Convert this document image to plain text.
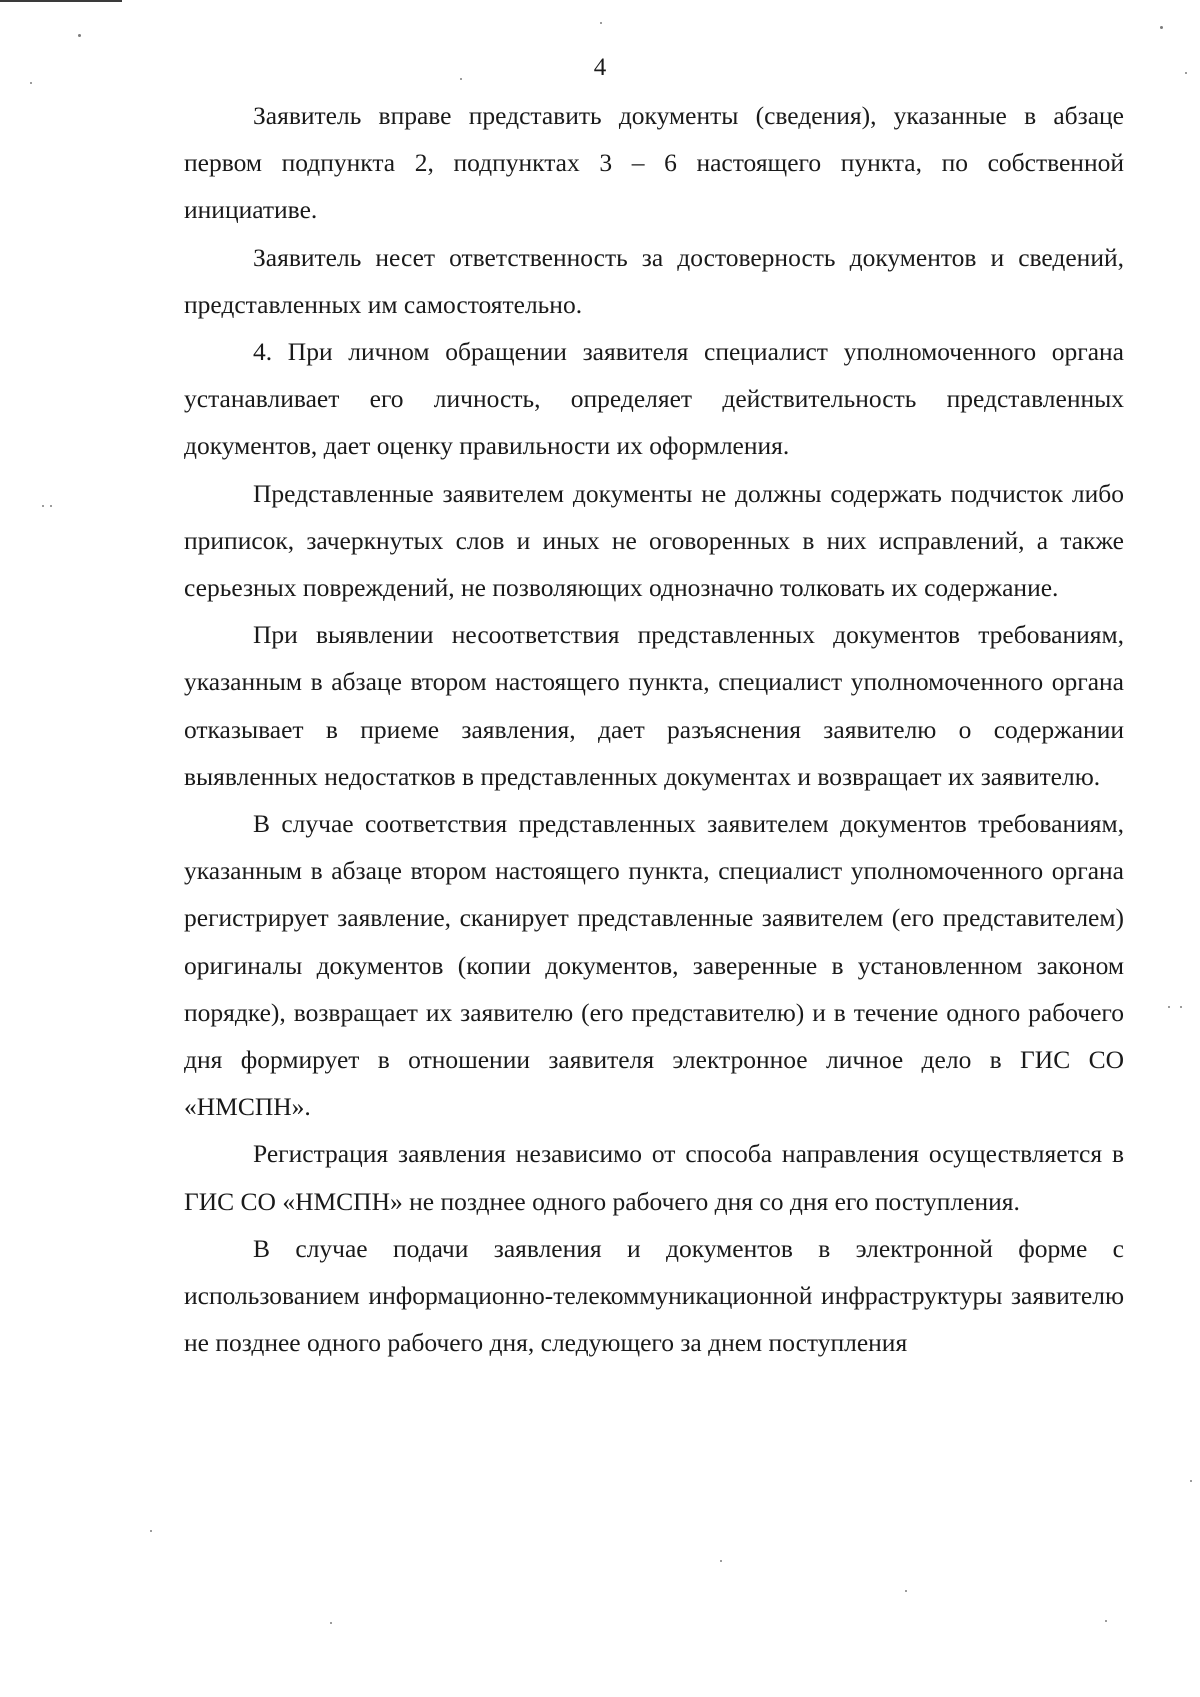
4

Заявитель вправе представить документы (сведения), указанные в абзаце первом подпункта 2, подпунктах 3 – 6 настоящего пункта, по собственной инициативе.

Заявитель несет ответственность за достоверность документов и сведений, представленных им самостоятельно.

4. При личном обращении заявителя специалист уполномоченного органа устанавливает его личность, определяет действительность представленных документов, дает оценку правильности их оформления.

Представленные заявителем документы не должны содержать подчисток либо приписок, зачеркнутых слов и иных не оговоренных в них исправлений, а также серьезных повреждений, не позволяющих однозначно толковать их содержание.

При выявлении несоответствия представленных документов требованиям, указанным в абзаце втором настоящего пункта, специалист уполномоченного органа отказывает в приеме заявления, дает разъяснения заявителю о содержании выявленных недостатков в представленных документах и возвращает их заявителю.

В случае соответствия представленных заявителем документов требованиям, указанным в абзаце втором настоящего пункта, специалист уполномоченного органа регистрирует заявление, сканирует представленные заявителем (его представителем) оригиналы документов (копии документов, заверенные в установленном законом порядке), возвращает их заявителю (его представителю) и в течение одного рабочего дня формирует в отношении заявителя электронное личное дело в ГИС СО «НМСПН».

Регистрация заявления независимо от способа направления осуществляется в ГИС СО «НМСПН» не позднее одного рабочего дня со дня его поступления.

В случае подачи заявления и документов в электронной форме с использованием информационно-телекоммуникационной инфраструктуры заявителю не позднее одного рабочего дня, следующего за днем поступления
